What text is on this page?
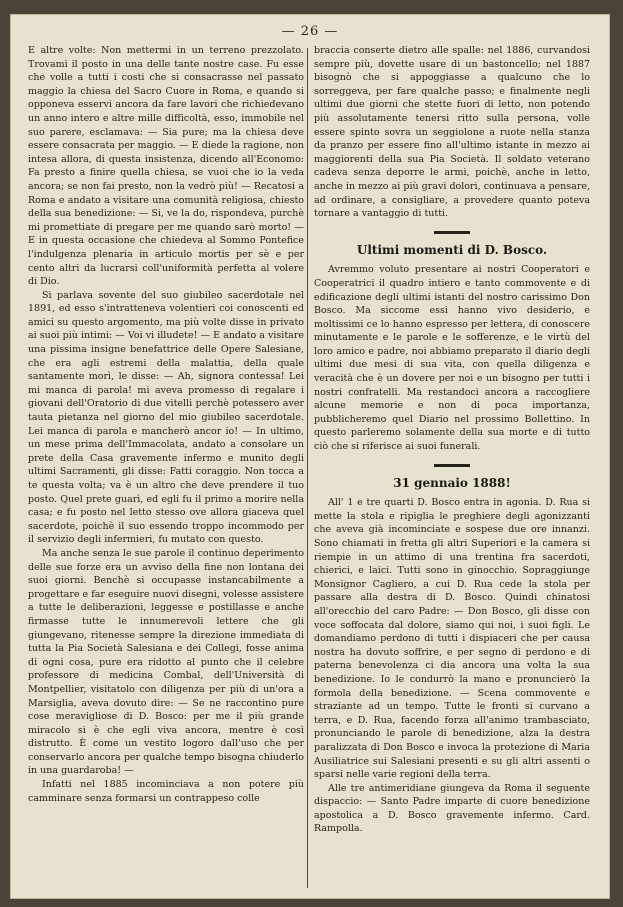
— 26 —

E altre volte: Non mettermi in un terreno prezzolato. Trovami il posto in una delle tante nostre case. Fu esse che volle a tutti i costi che si consacrasse nel passato maggio la chiesa del Sacro Cuore in Roma, e quando si opponeva esservi ancora da fare lavori che richiedevano un anno intero e altre mille difficoltà, esso, immobile nel suo parere, esclamava: — Sia pure; ma la chiesa deve essere consacrata per maggio. — E diede la ragione, non intesa allora, di questa insistenza, dicendo all'Economo: Fa presto a finire quella chiesa, se vuoi che io la veda ancora; se non fai presto, non la vedrò più! — Recatosi a Roma e andato a visitare una comunità religiosa, chiesto della sua benedizione: — Si, ve la do, rispondeva, purchè mi promettiate di pregare per me quando sarò morto! — E in questa occasione che chiedeva al Sommo Pontefice l'indulgenza plenaria in articulo mortis per sè e per cento altri da lucrarsi coll'uniformità perfetta al volere di Dio.

Si parlava sovente del suo giubileo sacerdotale nel 1891, ed esso s'intratteneva volentieri coi conoscenti ed amici su questo argomento, ma più volte disse in privato ai suoi più intimi: — Voi vi illudete! — E andato a visitare una pissima insigne benefattrice delle Opere Salesiane, che era agli estremi della malattia, della quale santamente morì, le disse: — Ah, signora contessa! Lei mi manca di parola! mi aveva promesso di regalare i giovani dell'Oratorio di due vitelli perchè potessero aver tauta pietanza nel giorno del mio giubileo sacerdotale. Lei manca di parola e mancherò ancor io! — In ultimo, un mese prima dell'Immacolata, andato a consolare un prete della Casa gravemente infermo e munito degli ultimi Sacramenti, gli disse: Fatti coraggio. Non tocca a te questa volta; va è un altro che deve prendere il tuo posto. Quel prete guarì, ed egli fu il primo a morire nella casa; e fu posto nel letto stesso ove allora giaceva quel sacerdote, poichè il suo essendo troppo incommodo per il servizio degli infermieri, fu mutato con questo.

Ma anche senza le sue parole il continuo deperimento delle sue forze era un avviso della fine non lontana dei suoi giorni. Benchè si occupasse instancabilmente a progettare e far eseguire nuovi disegni, volesse assistere a tutte le deliberazioni, leggesse e postillasse e anche firmasse tutte le innumerevoli lettere che gli giungevano, ritenesse sempre la direzione immediata di tutta la Pia Società Salesiana e dei Collegi, fosse anima di ogni cosa, pure era ridotto al punto che il celebre professore di medicina Combal, dell'Università di Montpellier, visitatolo con diligenza per più di un'ora a Marsiglia, aveva dovuto dire: — Se ne raccontino pure cose meravigliose di D. Bosco: per me il più grande miracolo si è che egli viva ancora, mentre è così distrutto. È come un vestito logoro dall'uso che per conservarlo ancora per qualche tempo bisogna chiuderlo in una guardaroba! —

Infatti nel 1885 incominciava a non potere più camminare senza formarsi un contrappeso colle

braccia conserte dietro alle spalle: nel 1886, curvandosi sempre più, dovette usare di un bastoncello; nel 1887 bisognò che si appoggiasse a qualcuno che lo sorreggeva, per fare qualche passo; e finalmente negli ultimi due giorni che stette fuori di letto, non potendo più assolutamente tenersi ritto sulla persona, volle essere spinto sovra un seggiolone a ruote nella stanza da pranzo per essere fino all'ultimo istante in mezzo ai maggiorenti della sua Pia Società. Il soldato veterano cadeva senza deporre le armi, poichè, anche in letto, anche in mezzo ai più gravi dolori, continuava a pensare, ad ordinare, a consigliare, a provedere quanto poteva tornare a vantaggio di tutti.

Ultimi momenti di D. Bosco.

Avremmo voluto presentare ai nostri Cooperatori e Cooperatrici il quadro intiero e tanto commovente e di edificazione degli ultimi istanti del nostro carissimo Don Bosco. Ma siccome essi hanno vivo desiderio, e moltissimi ce lo hanno espresso per lettera, di conoscere minutamente e le parole e le sofferenze, e le virtù del loro amico e padre, noi abbiamo preparato il diario degli ultimi due mesi di sua vita, con quella diligenza e veracità che è un dovere per noi e un bisogno per tutti i nostri confratelli. Ma restandoci ancora a raccogliere alcune memorie e non di poca importanza, pubblicheremo quel Diario nel prossimo Bollettino. In questo parleremo solamente della sua morte e di tutto ciò che si riferisce ai suoi funerali.

31 gennaio 1888!

All' 1 e tre quarti D. Bosco entra in agonia. D. Rua si mette la stola e ripiglia le preghiere degli agonizzanti che aveva già incominciate e sospese due ore innanzi. Sono chiamati in fretta gli altri Superiori e la camera si riempie in un attimo di una trentina fra sacerdoti, chierici, e laici. Tutti sono in ginocchio. Sopraggiunge Monsignor Cagliero, a cui D. Rua cede la stola per passare alla destra di D. Bosco. Quindi chinatosi all'orecchio del caro Padre: — Don Bosco, gli disse con voce soffocata dal dolore, siamo qui noi, i suoi figli. Le domandiamo perdono di tutti i dispiaceri che per causa nostra ha dovuto soffrire, e per segno di perdono e di paterna benevolenza ci dia ancora una volta la sua benedizione. Io le condurrò la mano e pronuncierò la formola della benedizione. — Scena commovente e straziante ad un tempo. Tutte le fronti si curvano a terra, e D. Rua, facendo forza all'animo trambasciato, pronunciando le parole di benedizione, alza la destra paralizzata di Don Bosco e invoca la protezione di Maria Ausiliatrice sui Salesiani presenti e su gli altri assenti o sparsi nelle varie regioni della terra.

Alle tre antimeridiane giungeva da Roma il seguente dispaccio: — Santo Padre imparte di cuore benedizione apostolica a D. Bosco gravemente infermo. Card. Rampolla.
